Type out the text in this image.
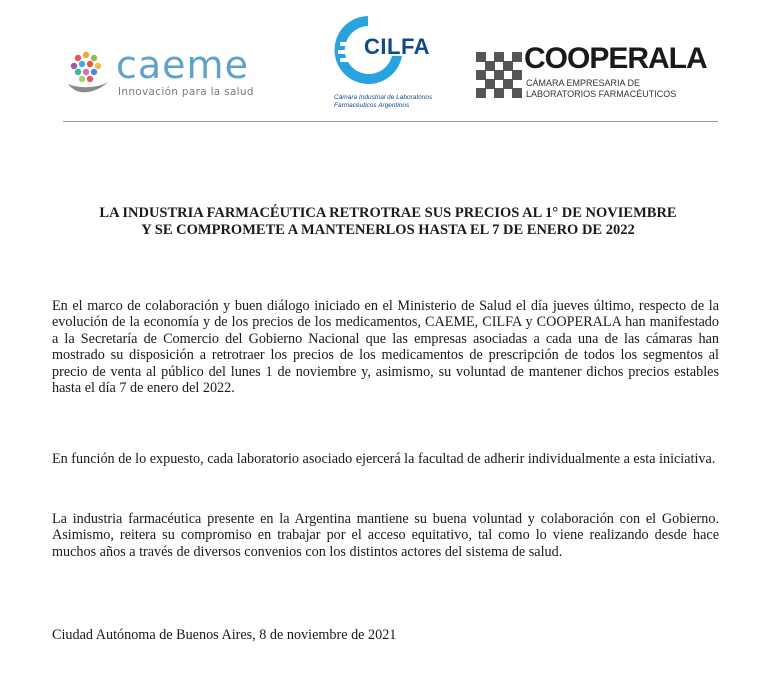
caeme
Innovación para la salud
CILFA
Cámara Industrial de Laboratorios
Farmacéuticos Argentinos
COOPERALA
CÁMARA EMPRESARIA DE
LABORATORIOS FARMACÉUTICOS
LA INDUSTRIA FARMACÉUTICA RETROTRAE SUS PRECIOS AL 1° DE NOVIEMBRE
Y SE COMPROMETE A MANTENERLOS HASTA EL 7 DE ENERO DE 2022

En el marco de colaboración y buen diálogo iniciado en el Ministerio de Salud el día jueves último, respecto de la evolución de la economía y de los precios de los medicamentos, CAEME, CILFA y COOPERALA han manifestado a la Secretaría de Comercio del Gobierno Nacional que las empresas asociadas a cada una de las cámaras han mostrado su disposición a retrotraer los precios de los medicamentos de prescripción de todos los segmentos al precio de venta al público del lunes 1 de noviembre y, asimismo, su voluntad de mantener dichos precios estables hasta el día 7 de enero del 2022.

En función de lo expuesto, cada laboratorio asociado ejercerá la facultad de adherir individualmente a esta iniciativa.

La industria farmacéutica presente en la Argentina mantiene su buena voluntad y colaboración con el Gobierno. Asimismo, reitera su compromiso en trabajar por el acceso equitativo, tal como lo viene realizando desde hace muchos años a través de diversos convenios con los distintos actores del sistema de salud.

Ciudad Autónoma de Buenos Aires, 8 de noviembre de 2021
